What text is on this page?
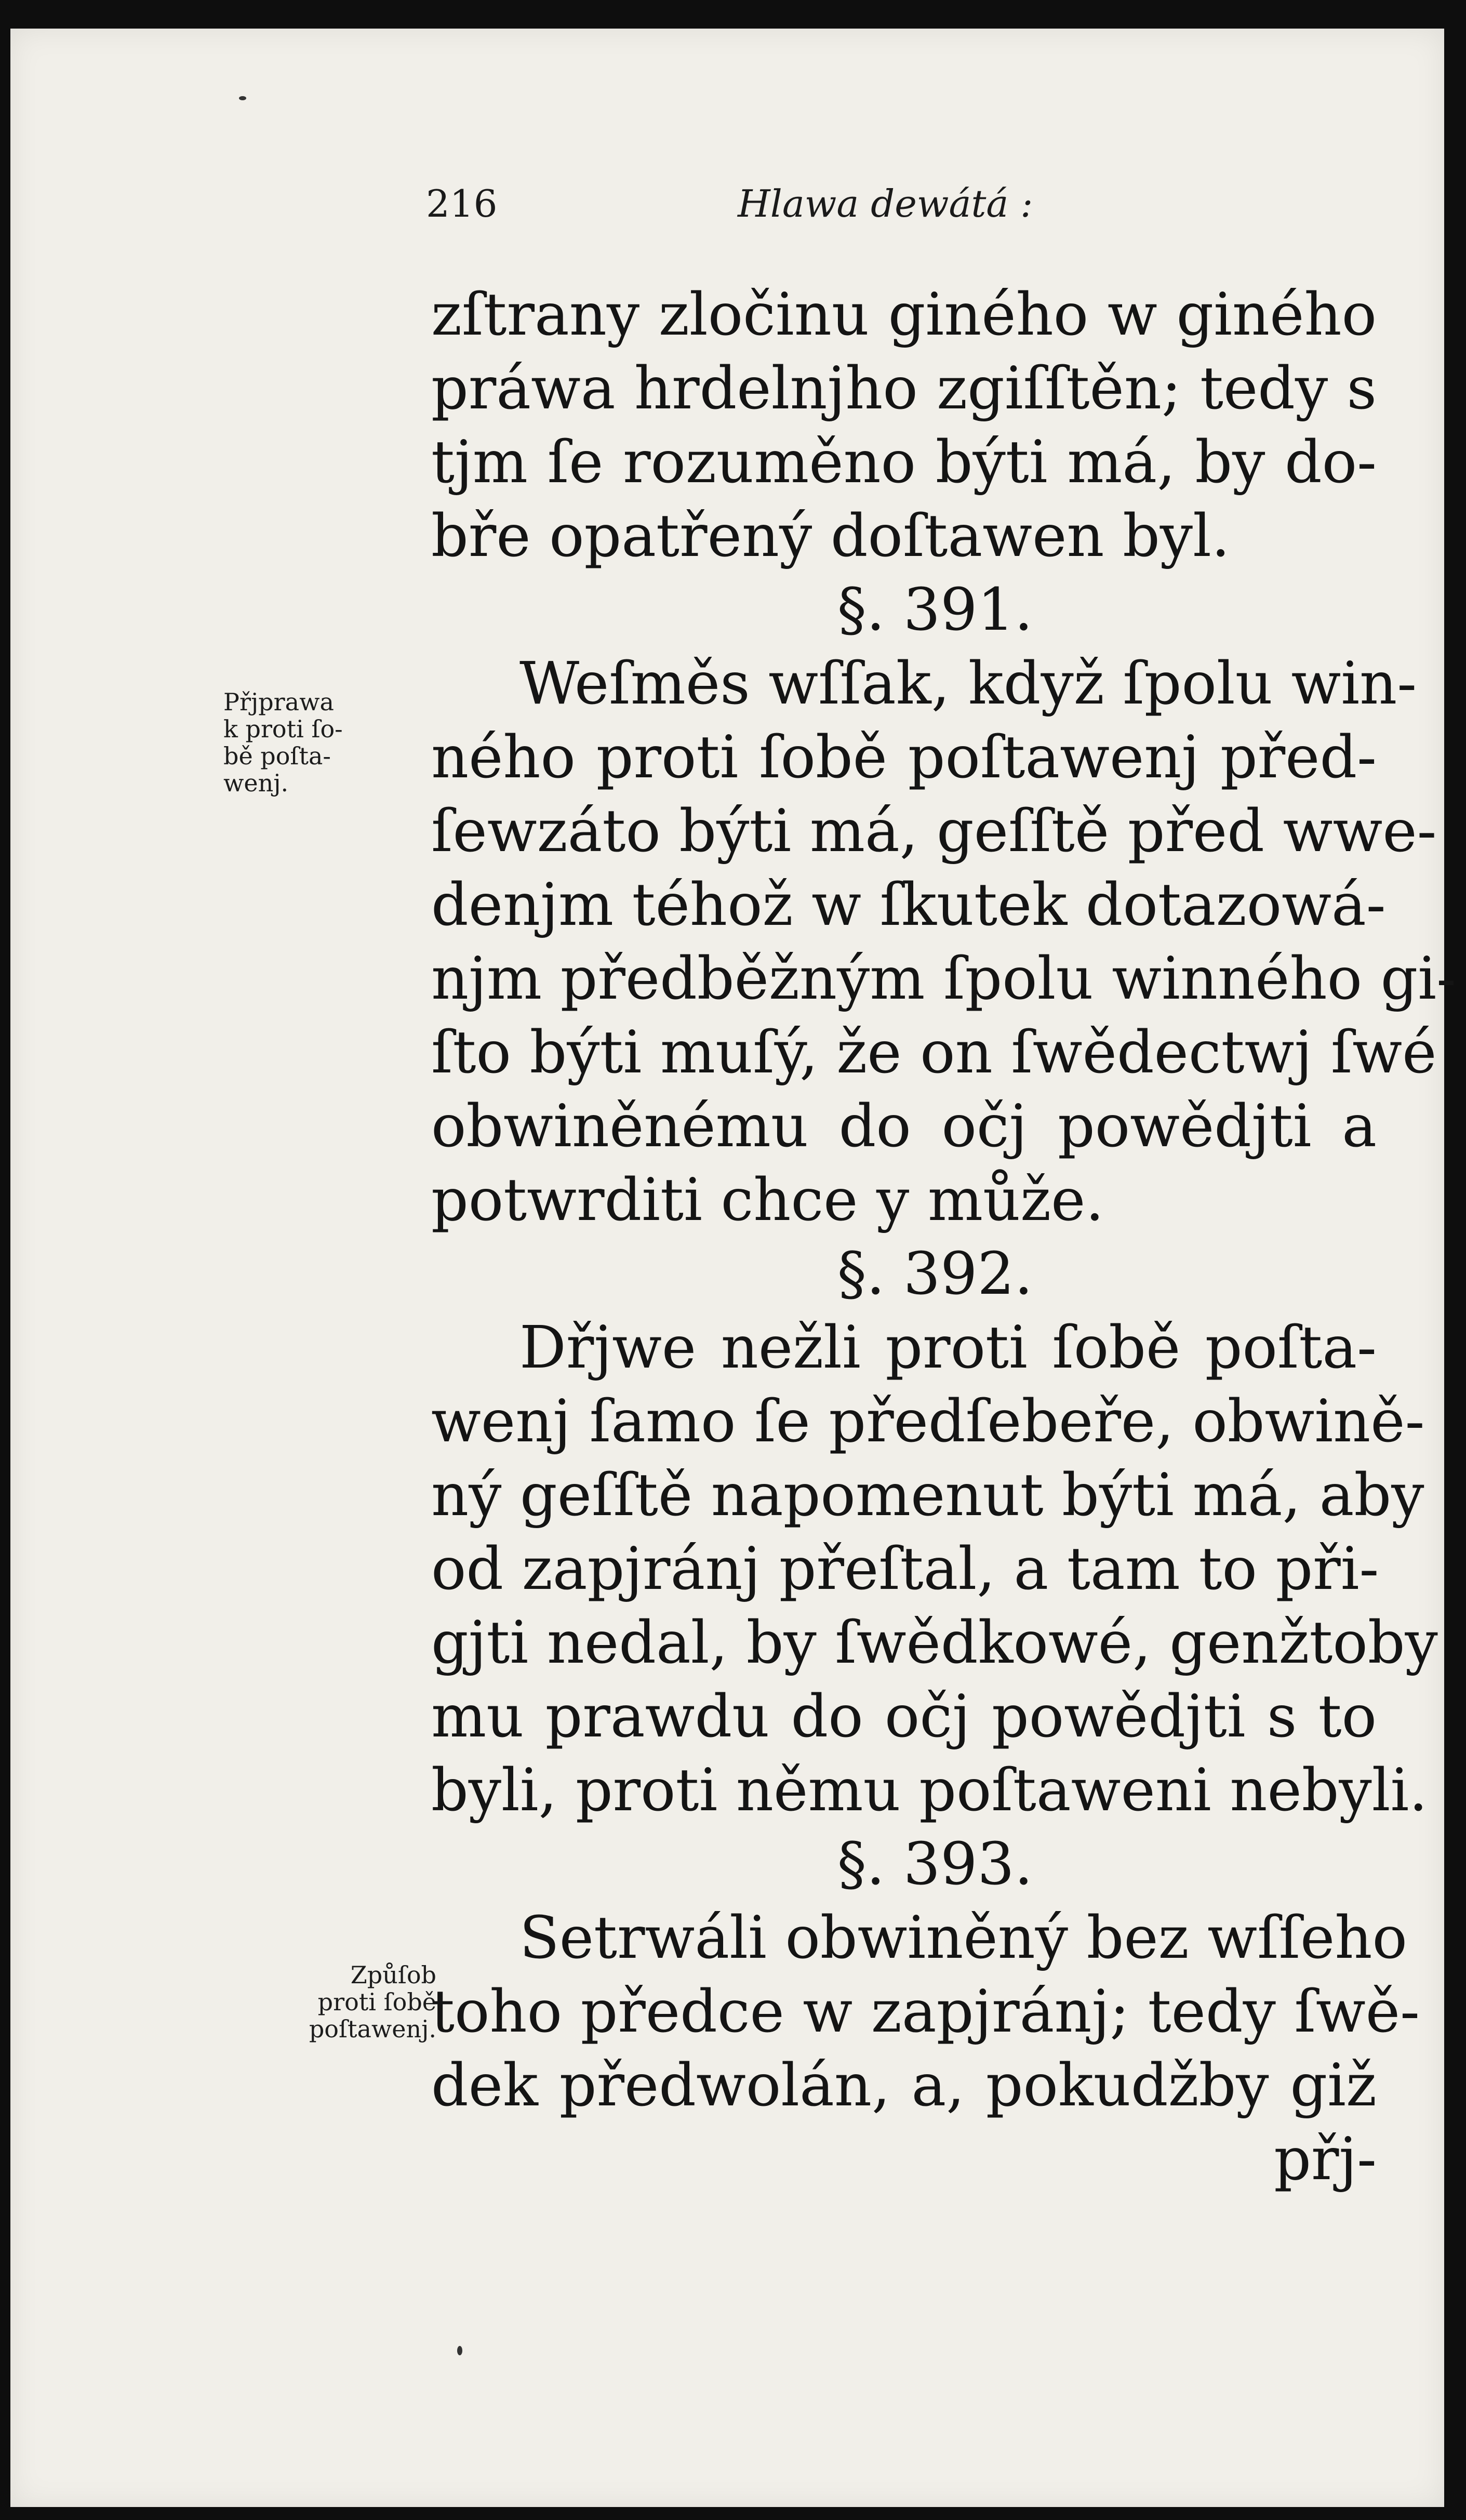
216	Hlawa dewátá :
Přjprawa
k proti ſo-
bě poſta-
wenj.
Způſob
proti ſobě
poſtawenj.
zſtrany zločinu giného w giného
práwa hrdelnjho zgiſſtěn; tedy s
tjm ſe rozuměno býti má, by do-
bře opatřený doſtawen byl.
§. 391.
Weſměs wſſak, když ſpolu win-
ného proti ſobě poſtawenj před-
ſewzáto býti má, geſſtě před wwe-
denjm téhož w ſkutek dotazowá-
njm předběžným ſpolu winného gi-
ſto býti muſý, že on ſwědectwj ſwé
obwiněnému do očj powědjti a
potwrditi chce y může.
§. 392.
Dřjwe nežli proti ſobě poſta-
wenj ſamo ſe předſebeře, obwině-
ný geſſtě napomenut býti má, aby
od zapjránj přeſtal, a tam to při-
gjti nedal, by ſwědkowé, genžtoby
mu prawdu do očj powědjti s to
byli, proti němu poſtaweni nebyli.
§. 393.
Setrwáli obwiněný bez wſſeho
toho předce w zapjránj; tedy ſwě-
dek předwolán, a, pokudžby giž
přj-
